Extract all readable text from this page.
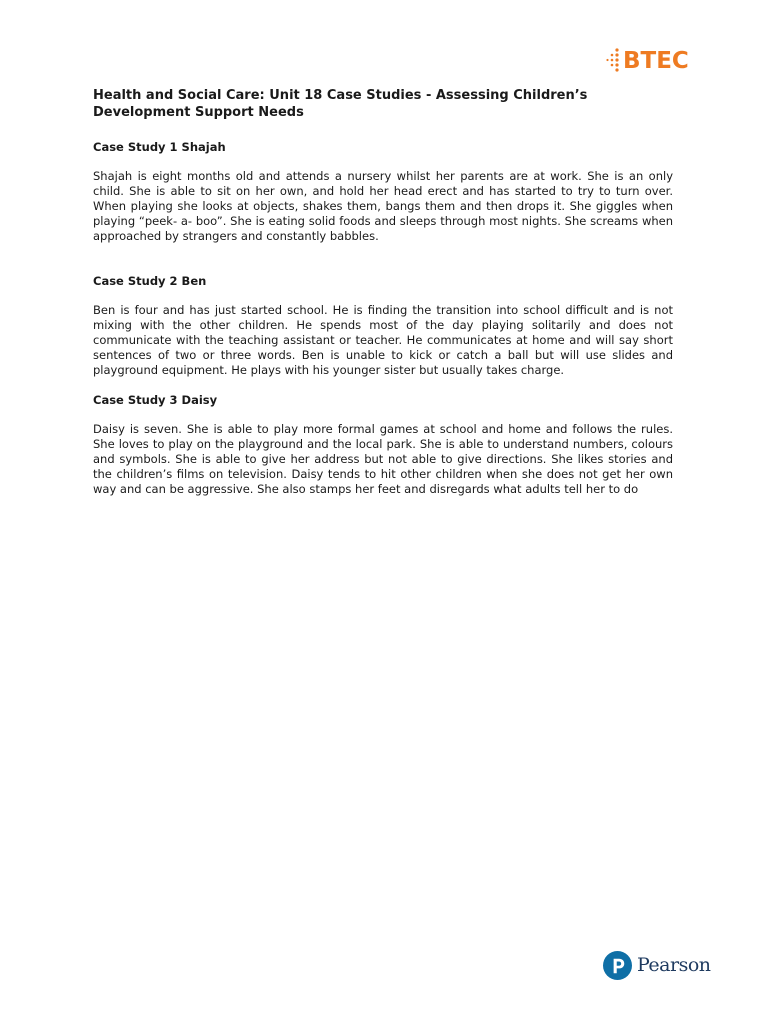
BTEC
Health and Social Care: Unit 18 Case Studies - Assessing Children’s Development Support Needs
Case Study 1 Shajah

Shajah is eight months old and attends a nursery whilst her parents are at work. She is an only child. She is able to sit on her own, and hold her head erect and has started to try to turn over. When playing she looks at objects, shakes them, bangs them and then drops it. She giggles when playing “peek- a- boo”. She is eating solid foods and sleeps through most nights. She screams when approached by strangers and constantly babbles.

Case Study 2 Ben

Ben is four and has just started school. He is finding the transition into school difficult and is not mixing with the other children. He spends most of the day playing solitarily and does not communicate with the teaching assistant or teacher. He communicates at home and will say short sentences of two or three words. Ben is unable to kick or catch a ball but will use slides and playground equipment. He plays with his younger sister but usually takes charge.

Case Study 3 Daisy

Daisy is seven. She is able to play more formal games at school and home and follows the rules. She loves to play on the playground and the local park. She is able to understand numbers, colours and symbols. She is able to give her address but not able to give directions. She likes stories and the children’s films on television. Daisy tends to hit other children when she does not get her own way and can be aggressive. She also stamps her feet and disregards what adults tell her to do

Pearson
